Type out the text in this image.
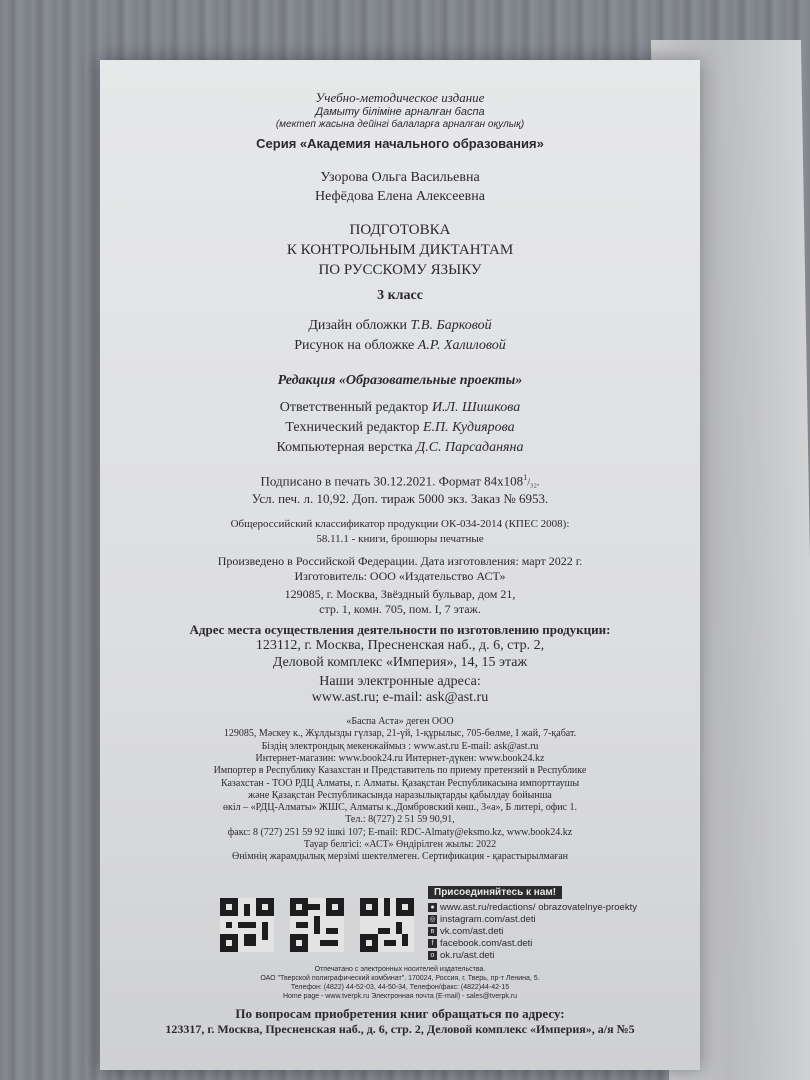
Учебно-методическое издание
Дамыту білімінe арналған баспа
(мектеп жасына дейінгі балаларға арналған оқулық)
Серия «Академия начального образования»
Узорова Ольга Васильевна
Нефёдова Елена Алексеевна
ПОДГОТОВКА
К КОНТРОЛЬНЫМ ДИКТАНТАМ
ПО РУССКОМУ ЯЗЫКУ
3 класс
Дизайн обложки Т.В. Барковой
Рисунок на обложке А.Р. Халиловой
Редакция «Образовательные проекты»
Ответственный редактор И.Л. Шишкова
Технический редактор Е.П. Кудиярова
Компьютерная верстка Д.С. Парсаданяна
Подписано в печать 30.12.2021. Формат $84x108^1/_{32}$.
Усл. печ. л. 10,92. Доп. тираж 5000 экз. Заказ № 6953.
Общероссийский классификатор продукции ОК-034-2014 (КПЕС 2008):
58.11.1 - книги, брошюры печатные
Произведено в Российской Федерации. Дата изготовления: март 2022 г.
Изготовитель: ООО «Издательство АСТ»
129085, г. Москва, Звёздный бульвар, дом 21,
стр. 1, комн. 705, пом. I, 7 этаж.
Адрес места осуществления деятельности по изготовлению продукции:
123112, г. Москва, Пресненская наб., д. 6, стр. 2,
Деловой комплекс «Империя», 14, 15 этаж
Наши электронные адреса:
www.ast.ru; e-mail: ask@ast.ru
«Баспа Аста» деген ООО
129085, Мәскеу к., Жұлдызды гүлзар, 21-үй, 1-құрылыс, 705-бөлме, I жай, 7-қабат.
Біздің электрондық мекенжаймыз : www.ast.ru E-mail: ask@ast.ru
Интернет-магазин: www.book24.ru Интернет-дүкен: www.book24.kz
Импортер в Республику Казахстан и Представитель по приему претензий в Республике
Казахстан - ТОО РДЦ Алматы, г. Алматы. Қазақстан Республикасына импорттаушы
және Қазақстан Республикасында наразылықтарды қабылдау бойынша
өкіл – «РДЦ-Алматы» ЖШС, Алматы к.,Домбровский көш., 3«а», Б литері, офис 1.
Тел.: 8(727) 2 51 59 90,91,
факс: 8 (727) 251 59 92 ішкі 107; E-mail: RDC-Almaty@eksmo.kz, www.book24.kz
Тауар белгісі: «АСТ» Өндірілген жылы: 2022
Өнімнің жарамдылық мерзімі шектелмеген. Сертификация - қарастырылмаған
Присоединяйтесь к нам!
● www.ast.ru/redactions/ obrazovatelnye-proekty
◎ instagram.com/ast.deti
в vk.com/ast.deti
f facebook.com/ast.deti
о ok.ru/ast.deti
Отпечатано с электронных носителей издательства.
ОАО "Тверской полиграфический комбинат". 170024, Россия, г. Тверь, пр-т Ленина, 5.
Телефон: (4822) 44-52-03, 44-50-34, Телефон/факс: (4822)44-42-15
Home page - www.tverpk.ru Электронная почта (E-mail) - sales@tverpk.ru
По вопросам приобретения книг обращаться по адресу:
123317, г. Москва, Пресненская наб., д. 6, стр. 2, Деловой комплекс «Империя», а/я №5
